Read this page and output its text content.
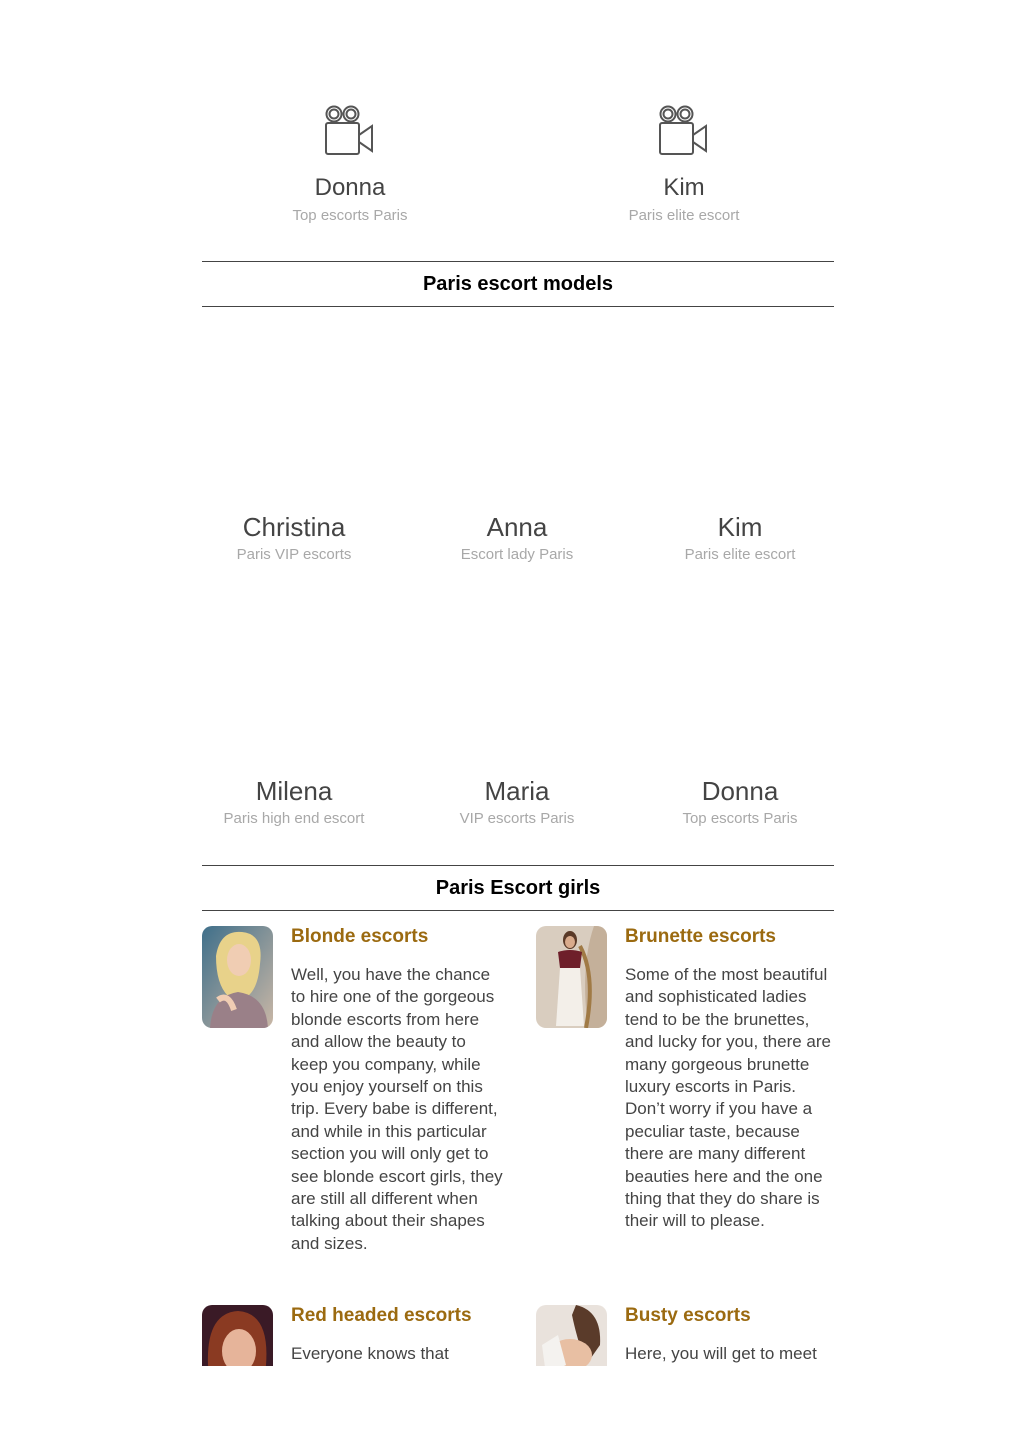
Donna
Top escorts Paris
Kim
Paris elite escort
Paris escort models
Christina
Paris VIP escorts
Anna
Escort lady Paris
Kim
Paris elite escort
Milena
Paris high end escort
Maria
VIP escorts Paris
Donna
Top escorts Paris
Paris Escort girls
Blonde escorts

Well, you have the chance to hire one of the gorgeous blonde escorts from here and allow the beauty to keep you company, while you enjoy yourself on this trip. Every babe is different, and while in this particular section you will only get to see blonde escort girls, they are still all different when talking about their shapes and sizes.

Brunette escorts

Some of the most beautiful and sophisticated ladies tend to be the brunettes, and lucky for you, there are many gorgeous brunette luxury escorts in Paris. Don’t worry if you have a peculiar taste, because there are many different beauties here and the one thing that they do share is their will to please.

Red headed escorts

Everyone knows that

Busty escorts

Here, you will get to meet
